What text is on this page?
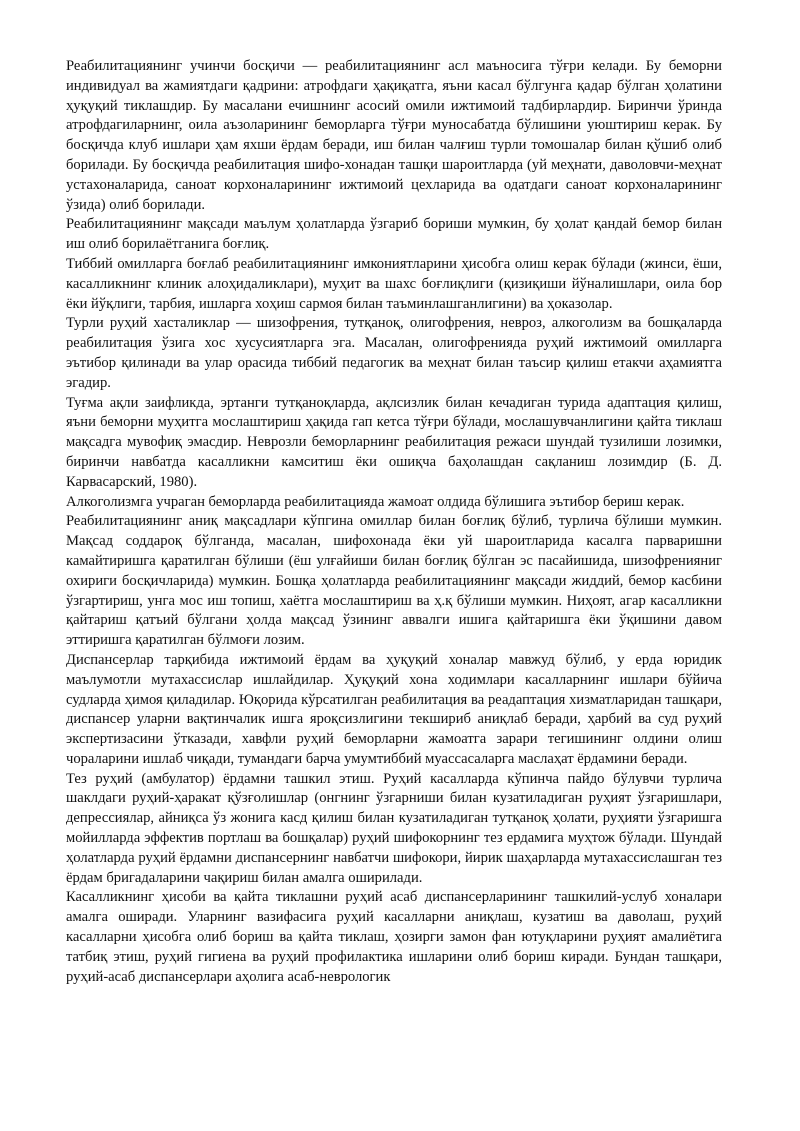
Реабилитациянинг учинчи босқичи — реабилитациянинг асл маъносига тўғри келади. Бу беморни индивидуал ва жамиятдаги қадрини: атрофдаги ҳақиқатга, яъни касал бўлгунга қадар бўлган ҳолатини ҳуқуқий тиклашдир. Бу масалани ечишнинг асосий омили ижтимоий тадбирлардир. Биринчи ўринда атрофдагиларнинг, оила аъзоларининг беморларга тўғри муносабатда бўлишини уюштириш керак. Бу босқичда клуб ишлари ҳам яхши ёрдам беради, иш билан чалғиш турли томошалар билан қўшиб олиб борилади. Бу босқичда реабилитация шифо-хонадан ташқи шароитларда (уй меҳнати, даволовчи-меҳнат устахоналарида, саноат корхоналарининг ижтимоий цехларида ва одатдаги саноат корхоналарининг ўзида) олиб борилади.

Реабилитациянинг мақсади маълум ҳолатларда ўзгариб бориши мумкин, бу ҳолат қандай бемор билан иш олиб борилаётганига боғлиқ.

Тиббий омилларга боғлаб реабилитациянинг имкониятларини ҳисобга олиш керак бўлади (жинси, ёши, касалликнинг клиник алоҳидаликлари), муҳит ва шахс боғлиқлиги (қизиқиши йўналишлари, оила бор ёки йўқлиги, тарбия, ишларга хоҳиш сармоя билан таъминлашганлигини) ва ҳоказолар.

Турли руҳий хасталиклар — шизофрения, тутқаноқ, олигофрения, невроз, алкоголизм ва бошқаларда реабилитация ўзига хос хусусиятларга эга. Масалан, олигофренияда руҳий ижтимоий омилларга эътибор қилинади ва улар орасида тиббий педагогик ва меҳнат билан таъсир қилиш етакчи аҳамиятга эгадир.

Туғма ақли заифликда, эртанги тутқаноқларда, ақлсизлик билан кечадиган турида адаптация қилиш, яъни беморни муҳитга мослаштириш ҳақида гап кетса тўғри бўлади, мослашувчанлигини қайта тиклаш мақсадга мувофиқ эмасдир. Неврозли беморларнинг реабилитация режаси шундай тузилиши лозимки, биринчи навбатда касалликни камситиш ёки ошиқча баҳолашдан сақланиш лозимдир (Б. Д. Карвасарский, 1980).

Алкоголизмга учраган беморларда реабилитацияда жамоат олдида бўлишига эътибор бериш керак.

Реабилитациянинг аниқ мақсадлари кўпгина омиллар билан боғлиқ бўлиб, турлича бўлиши мумкин. Мақсад соддароқ бўлганда, масалан, шифохонада ёки уй шароитларида касалга парваришни камайтиришга қаратилган бўлиши (ёш улғайиши билан боғлиқ бўлган эс пасайишида, шизофренияниг охириги босқичларида) мумкин. Бошқа ҳолатларда реабилитациянинг мақсади жиддий, бемор касбини ўзгартириш, унга мос иш топиш, хаётга мослаштириш ва ҳ.қ бўлиши мумкин. Ниҳоят, агар касалликни қайтариш қатъий бўлгани ҳолда мақсад ўзининг аввалги ишига қайтаришга ёки ўқишини давом эттиришга қаратилган бўлмоғи лозим.

Диспансерлар тарқибида ижтимоий ёрдам ва ҳуқуқий хоналар мавжуд бўлиб, у ерда юридик маълумотли мутахассислар ишлайдилар. Ҳуқуқий хона ходимлари касалларнинг ишлари бўйича судларда ҳимоя қиладилар. Юқорида кўрсатилган реабилитация ва реадаптация хизматларидан ташқари, диспансер уларни вақтинчалик ишга яроқсизлигини текшириб аниқлаб беради, ҳарбий ва суд руҳий экспертизасини ўтказади, хавфли руҳий беморларни жамоатга зарари тегишининг олдини олиш чораларини ишлаб чиқади, тумандаги барча умумтиббий муассасаларга маслаҳат ёрдамини беради.

Тез руҳий (амбулатор) ёрдамни ташкил этиш. Руҳий касалларда кўпинча пайдо бўлувчи турлича шаклдаги руҳий-ҳаракат қўзғолишлар (онгнинг ўзгарниши билан кузатиладиган руҳият ўзгаришлари, депрессиялар, айниқса ўз жонига касд қилиш билан кузатиладиган тутқаноқ ҳолати, руҳияти ўзгаришга мойилларда эффектив портлаш ва бошқалар) руҳий шифокорнинг тез ердамига муҳтож бўлади. Шундай ҳолатларда руҳий ёрдамни диспансернинг навбатчи шифокори, йирик шаҳарларда мутахассислашган тез ёрдам бригадаларини чақириш билан амалга оширилади.

Касалликнинг ҳисоби ва қайта тиклашни руҳий асаб диспансерларининг ташкилий-услуб хоналари амалга оширади. Уларнинг вазифасига руҳий касалларни аниқлаш, кузатиш ва даволаш, руҳий касалларни ҳисобга олиб бориш ва қайта тиклаш, ҳозирги замон фан ютуқларини руҳият амалиётига татбиқ этиш, руҳий гигиена ва руҳий профилактика ишларини олиб бориш киради. Бундан ташқари, руҳий-асаб диспансерлари аҳолига асаб-неврологик
